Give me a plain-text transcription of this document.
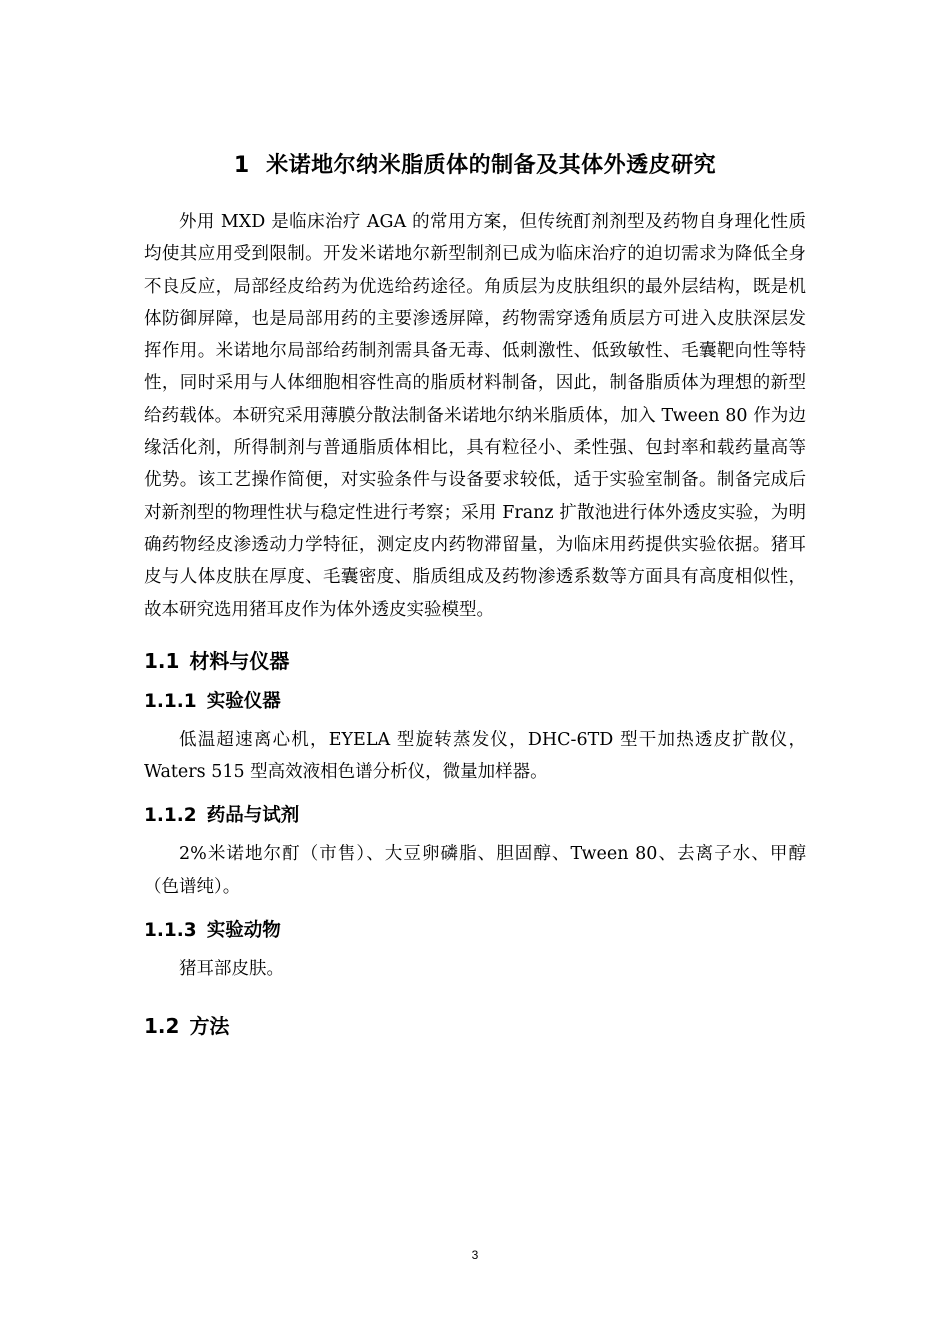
1 米诺地尔纳米脂质体的制备及其体外透皮研究

外用 MXD 是临床治疗 AGA 的常用方案，但传统酊剂剂型及药物自身理化性质均使其应用受到限制。开发米诺地尔新型制剂已成为临床治疗的迫切需求为降低全身不良反应，局部经皮给药为优选给药途径。角质层为皮肤组织的最外层结构，既是机体防御屏障，也是局部用药的主要渗透屏障，药物需穿透角质层方可进入皮肤深层发挥作用。米诺地尔局部给药制剂需具备无毒、低刺激性、低致敏性、毛囊靶向性等特性，同时采用与人体细胞相容性高的脂质材料制备，因此，制备脂质体为理想的新型给药载体。本研究采用薄膜分散法制备米诺地尔纳米脂质体，加入 Tween 80 作为边缘活化剂，所得制剂与普通脂质体相比，具有粒径小、柔性强、包封率和载药量高等优势。该工艺操作简便，对实验条件与设备要求较低，适于实验室制备。制备完成后对新剂型的物理性状与稳定性进行考察；采用 Franz 扩散池进行体外透皮实验，为明确药物经皮渗透动力学特征，测定皮内药物滞留量，为临床用药提供实验依据。猪耳皮与人体皮肤在厚度、毛囊密度、脂质组成及药物渗透系数等方面具有高度相似性，故本研究选用猪耳皮作为体外透皮实验模型。

1.1 材料与仪器
1.1.1 实验仪器

低温超速离心机，EYELA 型旋转蒸发仪，DHC-6TD 型干加热透皮扩散仪，Waters 515 型高效液相色谱分析仪，微量加样器。

1.1.2 药品与试剂

2%米诺地尔酊（市售）、大豆卵磷脂、胆固醇、Tween 80、去离子水、甲醇（色谱纯）。

1.1.3 实验动物

猪耳部皮肤。

1.2 方法
3
